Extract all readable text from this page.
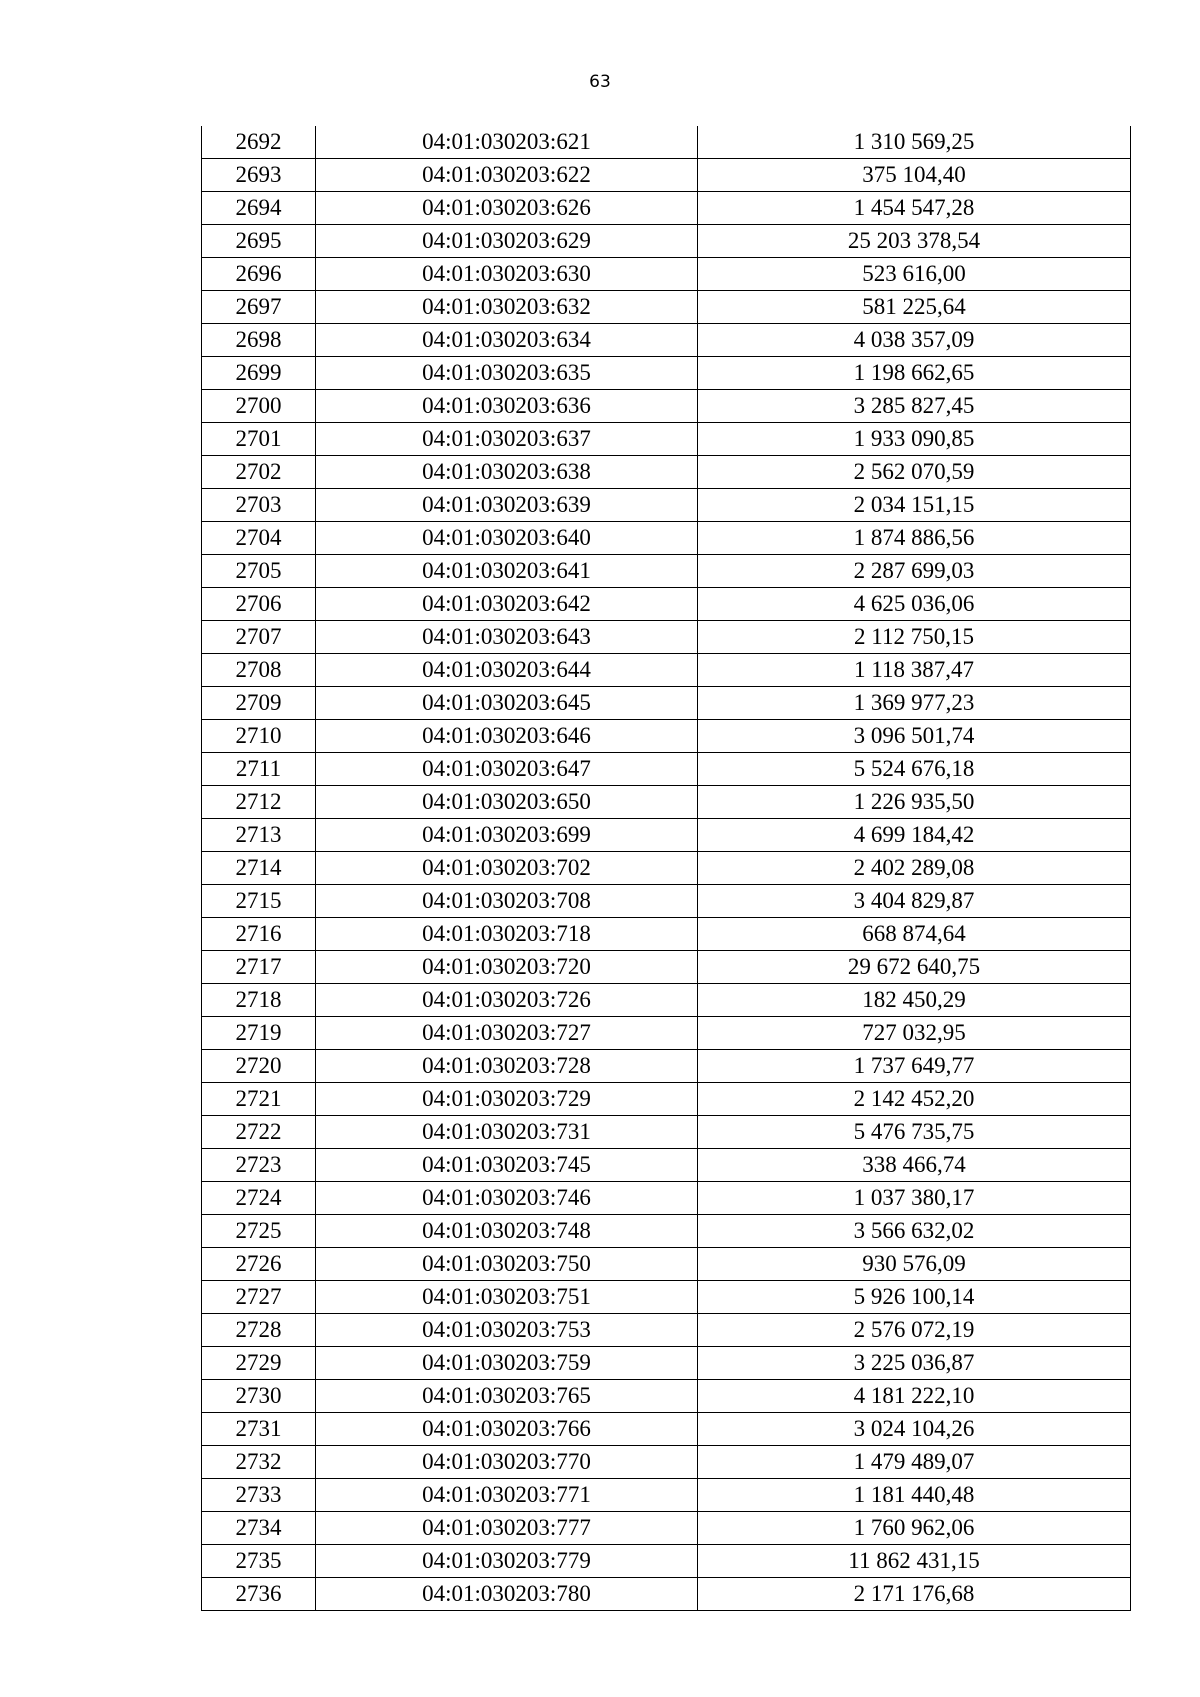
63
2692	04:01:030203:621	1 310 569,25
2693	04:01:030203:622	375 104,40
2694	04:01:030203:626	1 454 547,28
2695	04:01:030203:629	25 203 378,54
2696	04:01:030203:630	523 616,00
2697	04:01:030203:632	581 225,64
2698	04:01:030203:634	4 038 357,09
2699	04:01:030203:635	1 198 662,65
2700	04:01:030203:636	3 285 827,45
2701	04:01:030203:637	1 933 090,85
2702	04:01:030203:638	2 562 070,59
2703	04:01:030203:639	2 034 151,15
2704	04:01:030203:640	1 874 886,56
2705	04:01:030203:641	2 287 699,03
2706	04:01:030203:642	4 625 036,06
2707	04:01:030203:643	2 112 750,15
2708	04:01:030203:644	1 118 387,47
2709	04:01:030203:645	1 369 977,23
2710	04:01:030203:646	3 096 501,74
2711	04:01:030203:647	5 524 676,18
2712	04:01:030203:650	1 226 935,50
2713	04:01:030203:699	4 699 184,42
2714	04:01:030203:702	2 402 289,08
2715	04:01:030203:708	3 404 829,87
2716	04:01:030203:718	668 874,64
2717	04:01:030203:720	29 672 640,75
2718	04:01:030203:726	182 450,29
2719	04:01:030203:727	727 032,95
2720	04:01:030203:728	1 737 649,77
2721	04:01:030203:729	2 142 452,20
2722	04:01:030203:731	5 476 735,75
2723	04:01:030203:745	338 466,74
2724	04:01:030203:746	1 037 380,17
2725	04:01:030203:748	3 566 632,02
2726	04:01:030203:750	930 576,09
2727	04:01:030203:751	5 926 100,14
2728	04:01:030203:753	2 576 072,19
2729	04:01:030203:759	3 225 036,87
2730	04:01:030203:765	4 181 222,10
2731	04:01:030203:766	3 024 104,26
2732	04:01:030203:770	1 479 489,07
2733	04:01:030203:771	1 181 440,48
2734	04:01:030203:777	1 760 962,06
2735	04:01:030203:779	11 862 431,15
2736	04:01:030203:780	2 171 176,68
